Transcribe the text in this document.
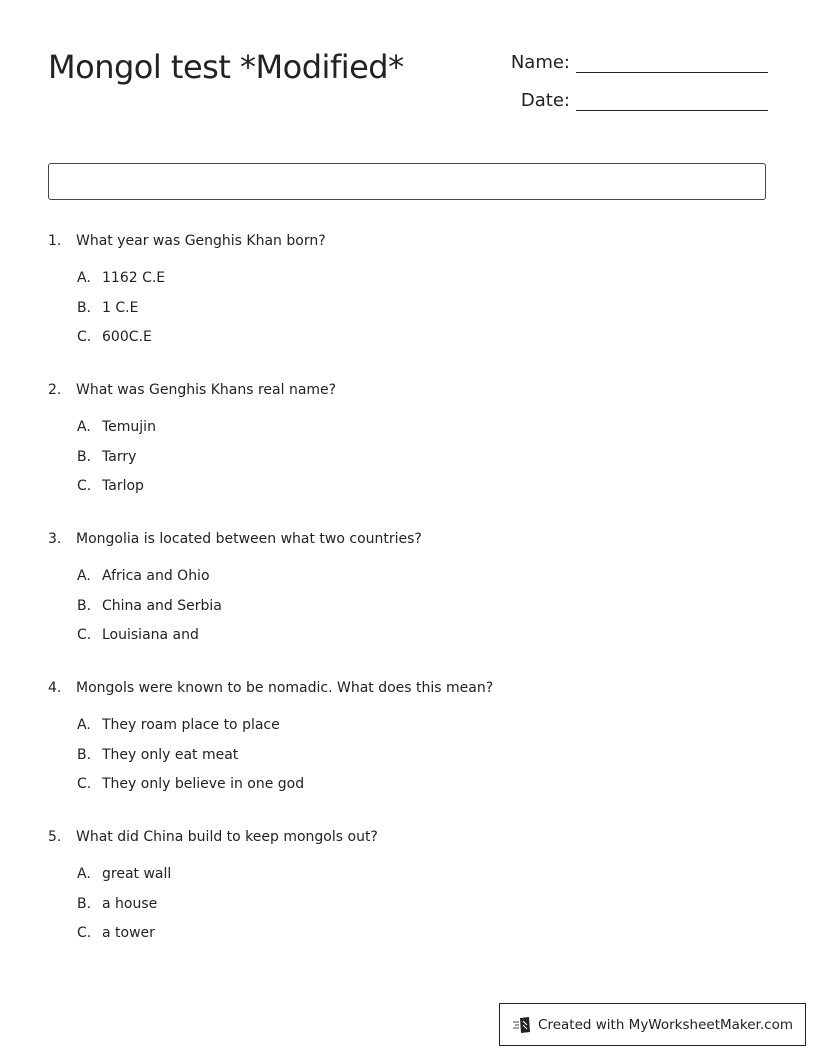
Mongol test *Modified*	Name:
Date:
1.	What year was Genghis Khan born?
A. 1162 C.E
B. 1 C.E
C. 600C.E
2.	What was Genghis Khans real name?
A. Temujin
B. Tarry
C. Tarlop
3.	Mongolia is located between what two countries?
A. Africa and Ohio
B. China and Serbia
C. Louisiana and
4.	Mongols were known to be nomadic. What does this mean?
A. They roam place to place
B. They only eat meat
C. They only believe in one god
5.	What did China build to keep mongols out?
A. great wall
B. a house
C. a tower
Created with MyWorksheetMaker.com
